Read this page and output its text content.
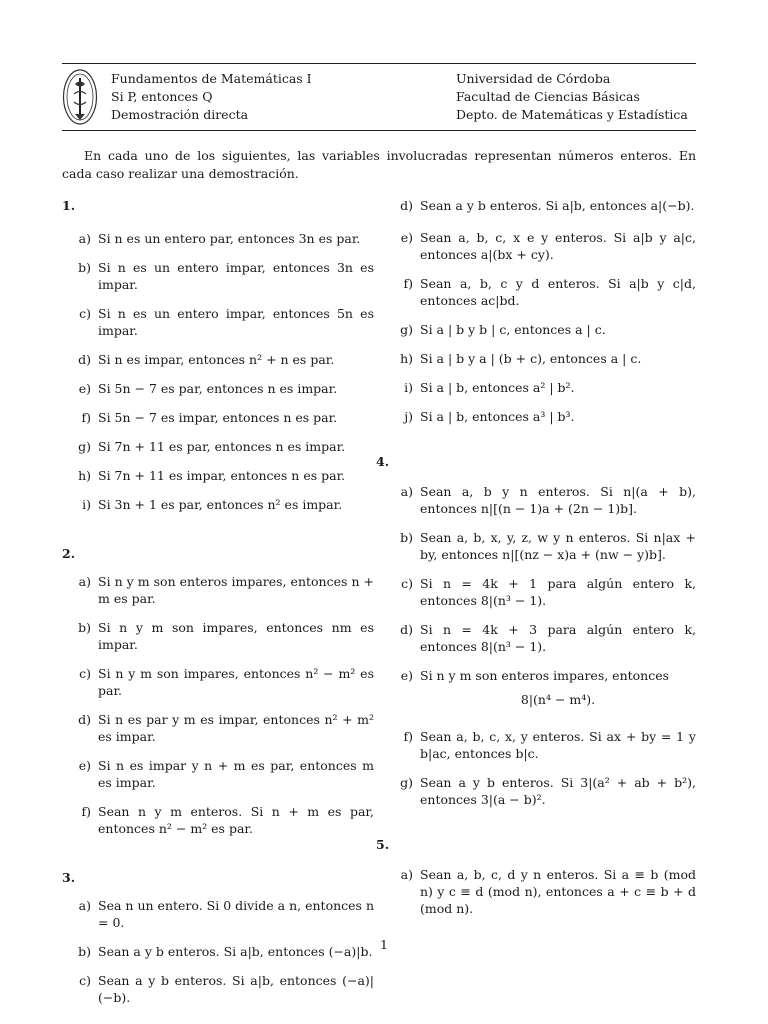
Fundamentos de Matemáticas I
Si P, entonces Q
Demostración directa
Universidad de Córdoba
Facultad de Ciencias Básicas
Depto. de Matemáticas y Estadística
En cada uno de los siguientes, las variables involucradas representan números enteros. En cada caso realizar una demostración.
1.
a) Si n es un entero par, entonces 3n es par.
b) Si n es un entero impar, entonces 3n es impar.
c) Si n es un entero impar, entonces 5n es impar.
d) Si n es impar, entonces n² + n es par.
e) Si 5n − 7 es par, entonces n es impar.
f) Si 5n − 7 es impar, entonces n es par.
g) Si 7n + 11 es par, entonces n es impar.
h) Si 7n + 11 es impar, entonces n es par.
i) Si 3n + 1 es par, entonces n² es impar.
2.
a) Si n y m son enteros impares, entonces n + m es par.
b) Si n y m son impares, entonces nm es impar.
c) Si n y m son impares, entonces n² − m² es par.
d) Si n es par y m es impar, entonces n² + m² es impar.
e) Si n es impar y n + m es par, entonces m es impar.
f) Sean n y m enteros. Si n + m es par, entonces n² − m² es par.
3.
a) Sea n un entero. Si 0 divide a n, entonces n = 0.
b) Sean a y b enteros. Si a|b, entonces (−a)|b.
c) Sean a y b enteros. Si a|b, entonces (−a)|(−b).
d) Sean a y b enteros. Si a|b, entonces a|(−b).
e) Sean a, b, c, x e y enteros. Si a|b y a|c, entonces a|(bx + cy).
f) Sean a, b, c y d enteros. Si a|b y c|d, entonces ac|bd.
g) Si a | b y b | c, entonces a | c.
h) Si a | b y a | (b + c), entonces a | c.
i) Si a | b, entonces a² | b².
j) Si a | b, entonces a³ | b³.
4.
a) Sean a, b y n enteros. Si n|(a + b), entonces n|[(n − 1)a + (2n − 1)b].
b) Sean a, b, x, y, z, w y n enteros. Si n|ax + by, entonces n|[(nz − x)a + (nw − y)b].
c) Si n = 4k + 1 para algún entero k, entonces 8|(n³ − 1).
d) Si n = 4k + 3 para algún entero k, entonces 8|(n³ − 1).
e) Si n y m son enteros impares, entonces
8|(n⁴ − m⁴).
f) Sean a, b, c, x, y enteros. Si ax + by = 1 y b|ac, entonces b|c.
g) Sean a y b enteros. Si 3|(a² + ab + b²), entonces 3|(a − b)².
5.
a) Sean a, b, c, d y n enteros. Si a ≡ b (mod n) y c ≡ d (mod n), entonces a + c ≡ b + d (mod n).
1
